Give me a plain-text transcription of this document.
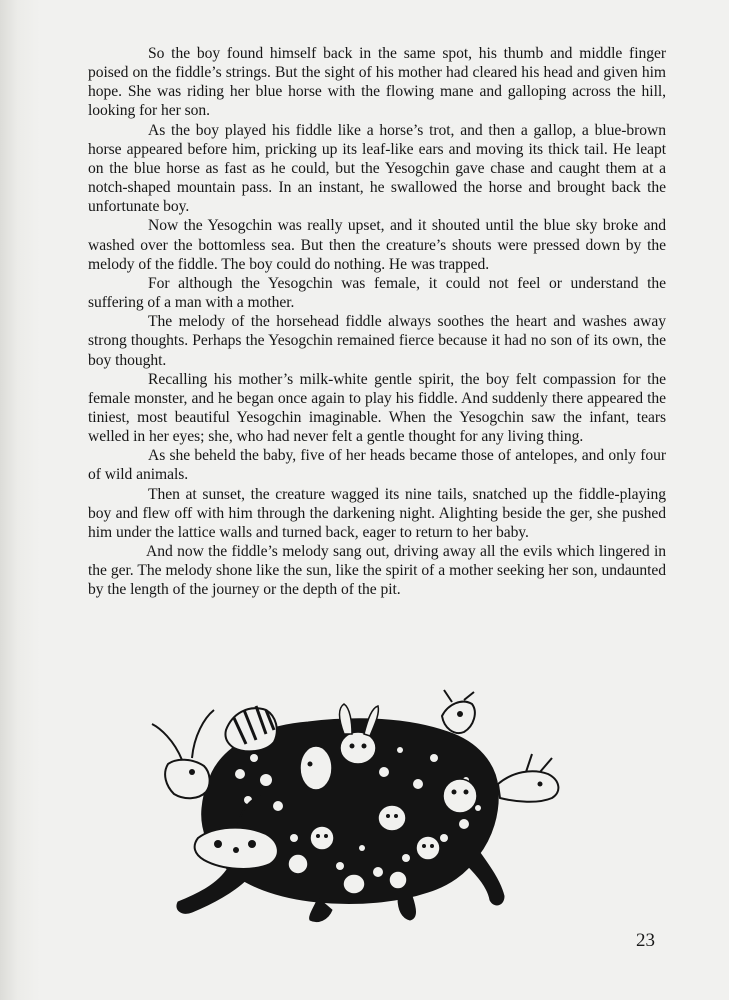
So the boy found himself back in the same spot, his thumb and middle finger poised on the fiddle’s strings. But the sight of his mother had cleared his head and given him hope. She was riding her blue horse with the flowing mane and galloping across the hill, looking for her son.

As the boy played his fiddle like a horse’s trot, and then a gallop, a blue-brown horse appeared before him, pricking up its leaf-like ears and moving its thick tail. He leapt on the blue horse as fast as he could, but the Yesogchin gave chase and caught them at a notch-shaped mountain pass. In an instant, he swallowed the horse and brought back the unfortunate boy.

Now the Yesogchin was really upset, and it shouted until the blue sky broke and washed over the bottomless sea. But then the creature’s shouts were pressed down by the melody of the fiddle. The boy could do nothing. He was trapped.

For although the Yesogchin was female, it could not feel or understand the suffering of a man with a mother.

The melody of the horsehead fiddle always soothes the heart and washes away strong thoughts. Perhaps the Yesogchin remained fierce because it had no son of its own, the boy thought.

Recalling his mother’s milk-white gentle spirit, the boy felt compassion for the female monster, and he began once again to play his fiddle. And suddenly there appeared the tiniest, most beautiful Yesogchin imaginable. When the Yesogchin saw the infant, tears welled in her eyes; she, who had never felt a gentle thought for any living thing.

As she beheld the baby, five of her heads became those of antelopes, and only four of wild animals.

Then at sunset, the creature wagged its nine tails, snatched up the fiddle-playing boy and flew off with him through the darkening night. Alighting beside the ger, she pushed him under the lattice walls and turned back, eager to return to her baby.

And now the fiddle’s melody sang out, driving away all the evils which lingered in the ger. The melody shone like the sun, like the spirit of a mother seeking her son, undaunted by the length of the journey or the depth of the pit.

23
